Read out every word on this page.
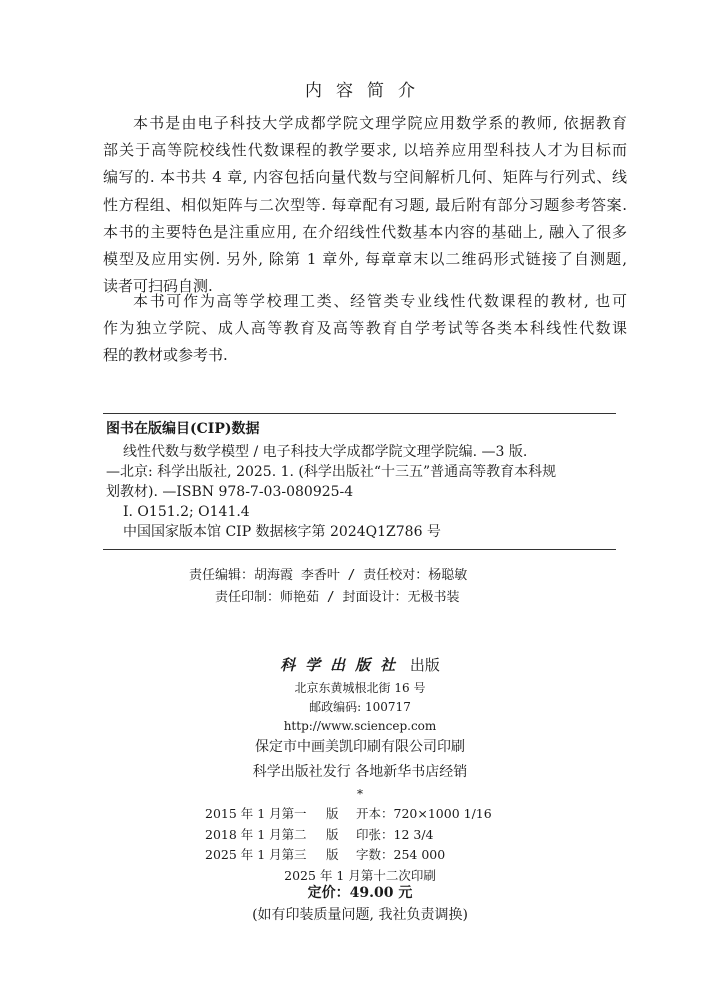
内容简介
本书是由电子科技大学成都学院文理学院应用数学系的教师, 依据教育
部关于高等院校线性代数课程的教学要求, 以培养应用型科技人才为目标而
编写的. 本书共 4 章, 内容包括向量代数与空间解析几何、矩阵与行列式、线
性方程组、相似矩阵与二次型等. 每章配有习题, 最后附有部分习题参考答案.
本书的主要特色是注重应用, 在介绍线性代数基本内容的基础上, 融入了很多
模型及应用实例. 另外, 除第 1 章外, 每章章末以二维码形式链接了自测题,
读者可扫码自测.
本书可作为高等学校理工类、经管类专业线性代数课程的教材, 也可
作为独立学院、成人高等教育及高等教育自学考试等各类本科线性代数课
程的教材或参考书.
图书在版编目(CIP)数据
线性代数与数学模型 / 电子科技大学成都学院文理学院编. —3 版.
—北京: 科学出版社, 2025. 1. (科学出版社“十三五”普通高等教育本科规
划教材). —ISBN 978-7-03-080925-4
Ⅰ. O151.2; O141.4
中国国家版本馆 CIP 数据核字第 2024Q1Z786 号
责任编辑：胡海霞 李香叶 / 责任校对：杨聪敏
责任印制：师艳茹 / 封面设计：无极书装
科学出版社 出版
北京东黄城根北街 16 号
邮政编码: 100717
http://www.sciencep.com
保定市中画美凯印刷有限公司印刷
科学出版社发行 各地新华书店经销
*
2015 年 1 月第一 版 开本：720×1000 1/16
2018 年 1 月第二 版 印张：12 3/4
2025 年 1 月第三 版 字数：254 000
2025 年 1 月第十二次印刷
定价：49.00 元
(如有印装质量问题, 我社负责调换)
